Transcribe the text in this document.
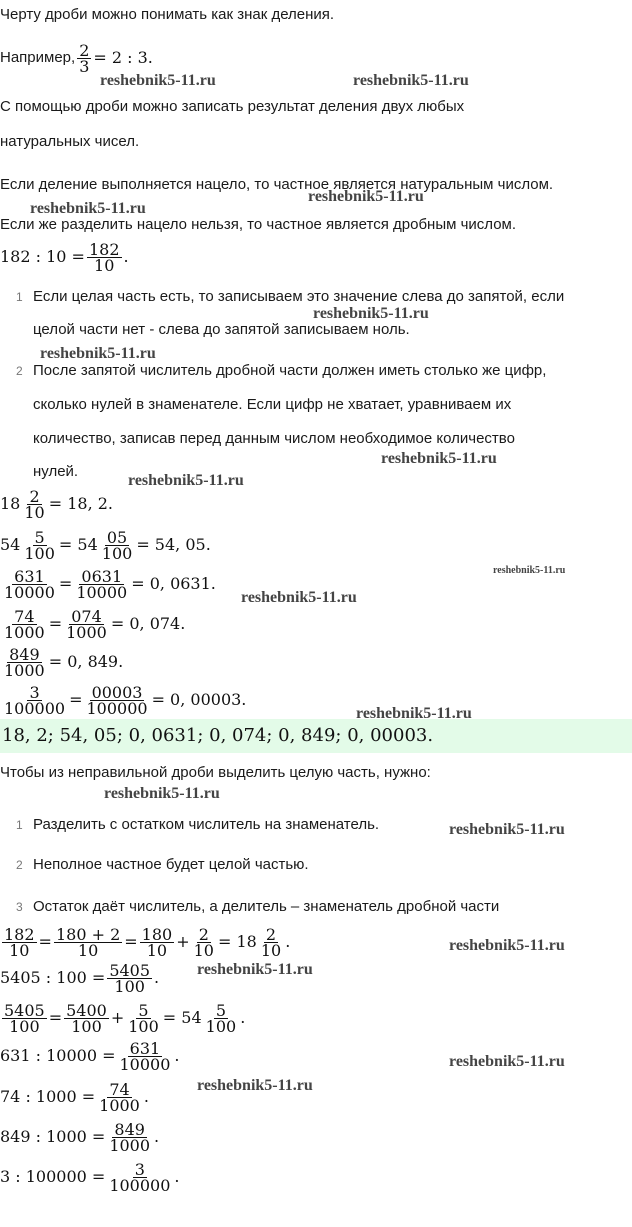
Черту дроби можно понимать как знак деления.
Например, $\frac{2}{3} = 2$ : 3.
С помощью дроби можно записать результат деления двух любых
натуральных чисел.
Если деление выполняется нацело, то частное является натуральным числом.
Если же разделить нацело нельзя, то частное является дробным числом.
182 : $10 = \frac{182}{10}$ .
1 Если целая часть есть, то записываем это значение слева до запятой, если
целой части нет - слева до запятой записываем ноль.
2 После запятой числитель дробной части должен иметь столько же цифр,
сколько нулей в знаменателе. Если цифр не хватает, уравниваем их
количество, записав перед данным числом необходимое количество
нулей.
$18 \frac{2}{10} = 18$, 2.
$54 \frac{5}{100} = 54 \frac{05}{100} = 54$, 05.
$\frac{631}{10000} = \frac{0631}{10000} = 0$, 0631.
$\frac{74}{1000} = \frac{074}{1000} = 0$, 074.
$\frac{849}{1000} = 0$, 849.
$\frac{3}{100000} = \frac{00003}{100000} = 0$, 00003.
18, 2; 54, 05; 0, 0631; 0, 074; 0, 849; 0, 00003.
Чтобы из неправильной дроби выделить целую часть, нужно:
1 Разделить с остатком числитель на знаменатель.
2 Неполное частное будет целой частью.
3 Остаток даёт числитель, а делитель – знаменатель дробной части
$\frac{182}{10} = \frac{180 + 2}{10} = \frac{180}{10} + \frac{2}{10} = 18 \frac{2}{10}$ .
5405 : $100 = \frac{5405}{100}$ .
$\frac{5405}{100} = \frac{5400}{100} + \frac{5}{100} = 54 \frac{5}{100}$ .
631 : $10000 = \frac{631}{10000}$ .
74 : $1000 = \frac{74}{1000}$ .
849 : $1000 = \frac{849}{1000}$ .
3 : $100000 = \frac{3}{100000}$ .
reshebnik5-11.ru	reshebnik5-11.ru
reshebnik5-11.ru
reshebnik5-11.ru
reshebnik5-11.ru
reshebnik5-11.ru
reshebnik5-11.ru
reshebnik5-11.ru
reshebnik5-11.ru
reshebnik5-11.ru
reshebnik5-11.ru
reshebnik5-11.ru
reshebnik5-11.ru
reshebnik5-11.ru
reshebnik5-11.ru
reshebnik5-11.ru
reshebnik5-11.ru
